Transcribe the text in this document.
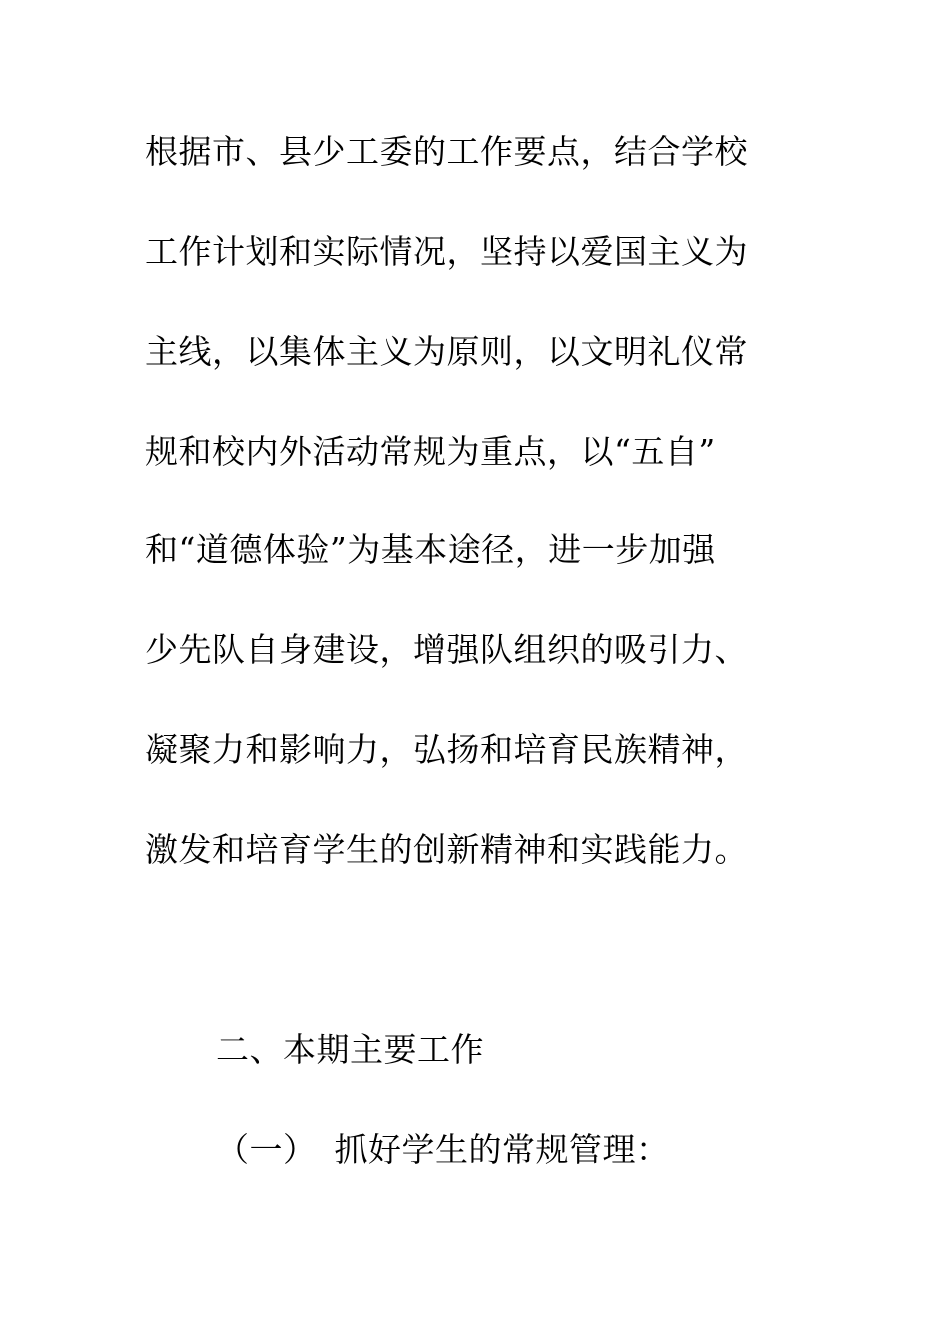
根据市、县少工委的工作要点，结合学校
工作计划和实际情况，坚持以爱国主义为
主线，以集体主义为原则，以文明礼仪常
规和校内外活动常规为重点，以“五自”
和“道德体验”为基本途径，进一步加强
少先队自身建设，增强队组织的吸引力、
凝聚力和影响力，弘扬和培育民族精神，
激发和培育学生的创新精神和实践能力。
二、本期主要工作
（一） 抓好学生的常规管理：
